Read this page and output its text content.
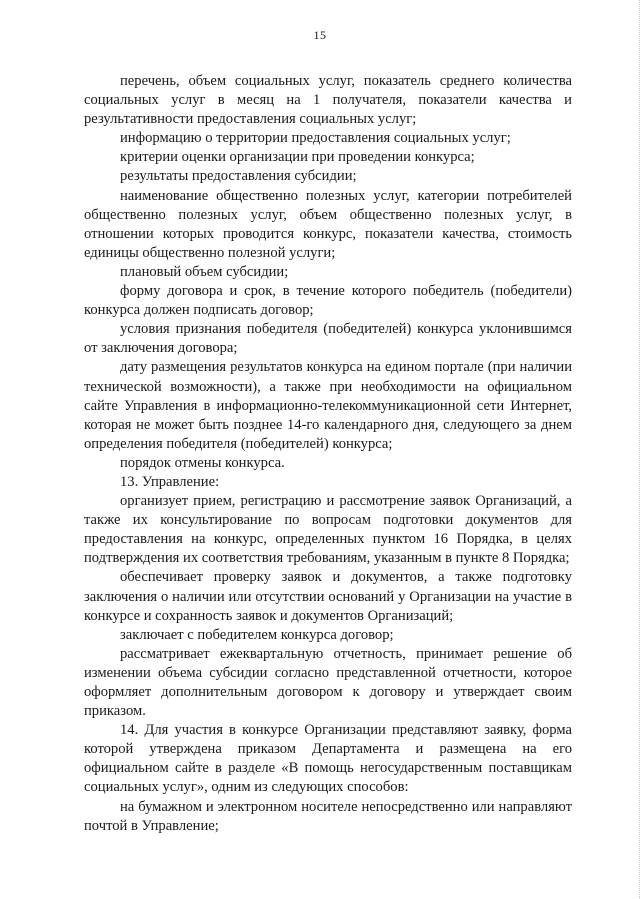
15

перечень, объем социальных услуг, показатель среднего количества социальных услуг в месяц на 1 получателя, показатели качества и результативности предоставления социальных услуг;

информацию о территории предоставления социальных услуг;

критерии оценки организации при проведении конкурса;

результаты предоставления субсидии;

наименование общественно полезных услуг, категории потребителей общественно полезных услуг, объем общественно полезных услуг, в отношении которых проводится конкурс, показатели качества, стоимость единицы общественно полезной услуги;

плановый объем субсидии;

форму договора и срок, в течение которого победитель (победители) конкурса должен подписать договор;

условия признания победителя (победителей) конкурса уклонившимся от заключения договора;

дату размещения результатов конкурса на едином портале (при наличии технической возможности), а также при необходимости на официальном сайте Управления в информационно-телекоммуникационной сети Интернет, которая не может быть позднее 14-го календарного дня, следующего за днем определения победителя (победителей) конкурса;

порядок отмены конкурса.

13. Управление:

организует прием, регистрацию и рассмотрение заявок Организаций, а также их консультирование по вопросам подготовки документов для предоставления на конкурс, определенных пунктом 16 Порядка, в целях подтверждения их соответствия требованиям, указанным в пункте 8 Порядка;

обеспечивает проверку заявок и документов, а также подготовку заключения о наличии или отсутствии оснований у Организации на участие в конкурсе и сохранность заявок и документов Организаций;

заключает с победителем конкурса договор;

рассматривает ежеквартальную отчетность, принимает решение об изменении объема субсидии согласно представленной отчетности, которое оформляет дополнительным договором к договору и утверждает своим приказом.

14. Для участия в конкурсе Организации представляют заявку, форма которой утверждена приказом Департамента и размещена на его официальном сайте в разделе «В помощь негосударственным поставщикам социальных услуг», одним из следующих способов:

на бумажном и электронном носителе непосредственно или направляют почтой в Управление;
